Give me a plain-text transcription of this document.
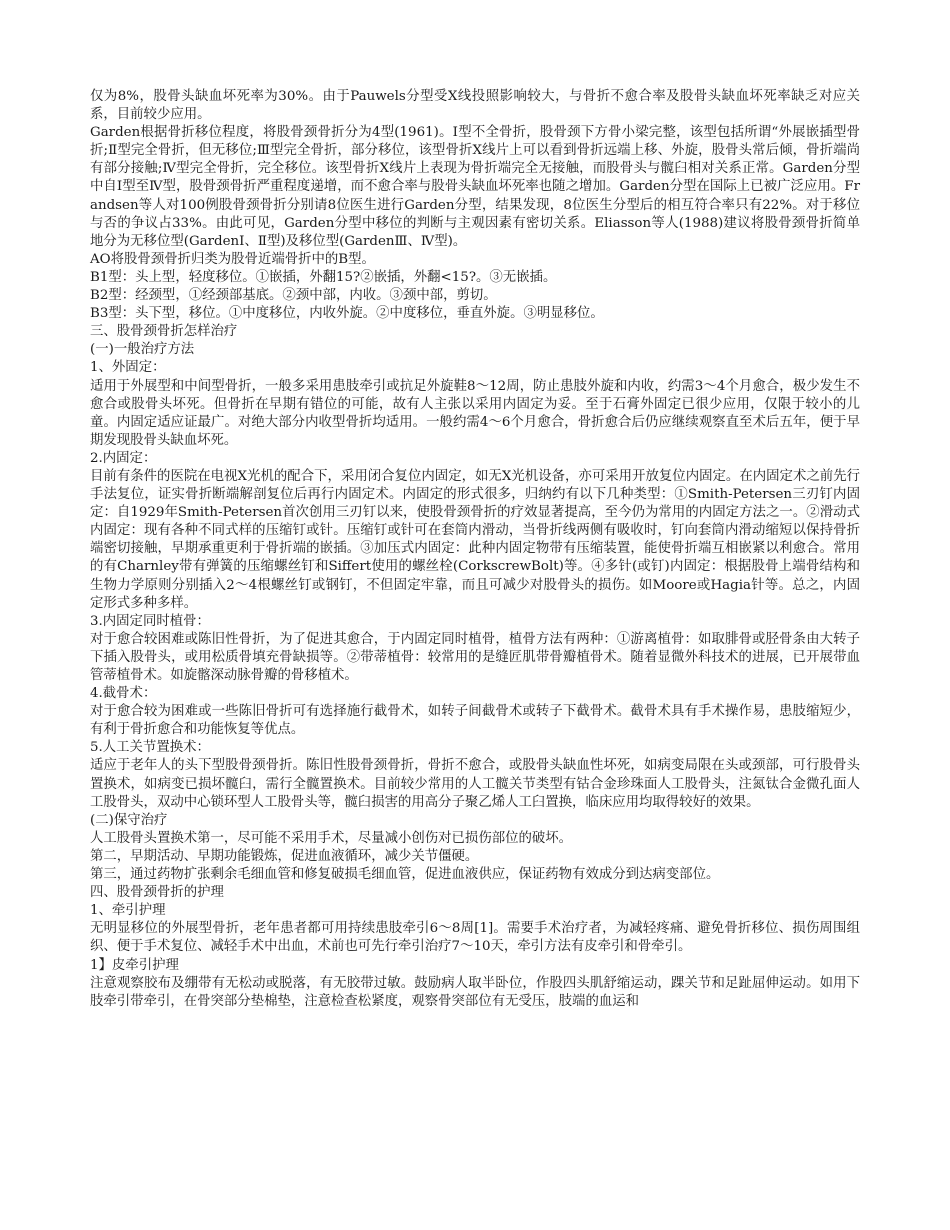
仅为8%，股骨头缺血坏死率为30%。由于Pauwels分型受X线投照影响较大，与骨折不愈合率及股骨头缺血坏死率缺乏对应关系，目前较少应用。

Garden根据骨折移位程度，将股骨颈骨折分为4型(1961)。Ⅰ型不全骨折，股骨颈下方骨小梁完整，该型包括所谓“外展嵌插型骨折;Ⅱ型完全骨折，但无移位;Ⅲ型完全骨折，部分移位，该型骨折X线片上可以看到骨折远端上移、外旋，股骨头常后倾，骨折端尚有部分接触;Ⅳ型完全骨折，完全移位。该型骨折X线片上表现为骨折端完全无接触，而股骨头与髋臼相对关系正常。Garden分型中自Ⅰ型至Ⅳ型，股骨颈骨折严重程度递增，而不愈合率与股骨头缺血坏死率也随之增加。Garden分型在国际上已被广泛应用。Frandsen等人对100例股骨颈骨折分别请8位医生进行Garden分型，结果发现，8位医生分型后的相互符合率只有22%。对于移位与否的争议占33%。由此可见，Garden分型中移位的判断与主观因素有密切关系。Eliasson等人(1988)建议将股骨颈骨折简单地分为无移位型(GardenⅠ、Ⅱ型)及移位型(GardenⅢ、Ⅳ型)。

AO将股骨颈骨折归类为股骨近端骨折中的B型。

B1型：头上型，轻度移位。①嵌插，外翻15?②嵌插，外翻<15?。③无嵌插。

B2型：经颈型，①经颈部基底。②颈中部，内收。③颈中部，剪切。

B3型：头下型，移位。①中度移位，内收外旋。②中度移位，垂直外旋。③明显移位。

三、股骨颈骨折怎样治疗

(一)一般治疗方法

1、外固定：

适用于外展型和中间型骨折，一般多采用患肢牵引或抗足外旋鞋8～12周，防止患肢外旋和内收，约需3～4个月愈合，极少发生不愈合或股骨头坏死。但骨折在早期有错位的可能，故有人主张以采用内固定为妥。至于石膏外固定已很少应用，仅限于较小的儿童。内固定适应证最广。对绝大部分内收型骨折均适用。一般约需4～6个月愈合，骨折愈合后仍应继续观察直至术后五年，便于早期发现股骨头缺血坏死。

2.内固定：

目前有条件的医院在电视X光机的配合下，采用闭合复位内固定，如无X光机设备，亦可采用开放复位内固定。在内固定术之前先行手法复位，证实骨折断端解剖复位后再行内固定术。内固定的形式很多，归纳约有以下几种类型：①Smith-Petersen三刃钉内固定：自1929年Smith-Petersen首次创用三刃钉以来，使股骨颈骨折的疗效显著提高，至今仍为常用的内固定方法之一。②滑动式内固定：现有各种不同式样的压缩钉或针。压缩钉或针可在套筒内滑动，当骨折线两侧有吸收时，钉向套筒内滑动缩短以保持骨折端密切接触，早期承重更利于骨折端的嵌插。③加压式内固定：此种内固定物带有压缩装置，能使骨折端互相嵌紧以利愈合。常用的有Charnley带有弹簧的压缩螺丝钉和Siffert使用的螺丝栓(CorkscrewBolt)等。④多针(或钉)内固定：根据股骨上端骨结构和生物力学原则分别插入2～4根螺丝钉或钢钉，不但固定牢靠，而且可减少对股骨头的损伤。如Moore或Hagia针等。总之，内固定形式多种多样。

3.内固定同时植骨：

对于愈合较困难或陈旧性骨折，为了促进其愈合，于内固定同时植骨，植骨方法有两种：①游离植骨：如取腓骨或胫骨条由大转子下插入股骨头，或用松质骨填充骨缺损等。②带蒂植骨：较常用的是缝匠肌带骨瓣植骨术。随着显微外科技术的进展，已开展带血管蒂植骨术。如旋髂深动脉骨瓣的骨移植术。

4.截骨术：

对于愈合较为困难或一些陈旧骨折可有选择施行截骨术，如转子间截骨术或转子下截骨术。截骨术具有手术操作易，患肢缩短少，有利于骨折愈合和功能恢复等优点。

5.人工关节置换术：

适应于老年人的头下型股骨颈骨折。陈旧性股骨颈骨折，骨折不愈合，或股骨头缺血性坏死，如病变局限在头或颈部，可行股骨头置换术，如病变已损坏髋臼，需行全髋置换术。目前较少常用的人工髋关节类型有钴合金珍珠面人工股骨头，注氮钛合金微孔面人工股骨头，双动中心锁环型人工股骨头等，髋臼损害的用高分子聚乙烯人工臼置换，临床应用均取得较好的效果。

(二)保守治疗

人工股骨头置换术第一，尽可能不采用手术，尽量减小创伤对已损伤部位的破坏。

第二，早期活动、早期功能锻炼，促进血液循环，减少关节僵硬。

第三，通过药物扩张剩余毛细血管和修复破损毛细血管，促进血液供应，保证药物有效成分到达病变部位。

四、股骨颈骨折的护理

1、牵引护理

无明显移位的外展型骨折，老年患者都可用持续患肢牵引6～8周[1]。需要手术治疗者，为减轻疼痛、避免骨折移位、损伤周围组织、便于手术复位、减轻手术中出血，术前也可先行牵引治疗7～10天，牵引方法有皮牵引和骨牵引。

1】皮牵引护理

注意观察胶布及绷带有无松动或脱落，有无胶带过敏。鼓励病人取半卧位，作股四头肌舒缩运动，踝关节和足趾屈伸运动。如用下肢牵引带牵引，在骨突部分垫棉垫，注意检查松紧度，观察骨突部位有无受压，肢端的血运和
